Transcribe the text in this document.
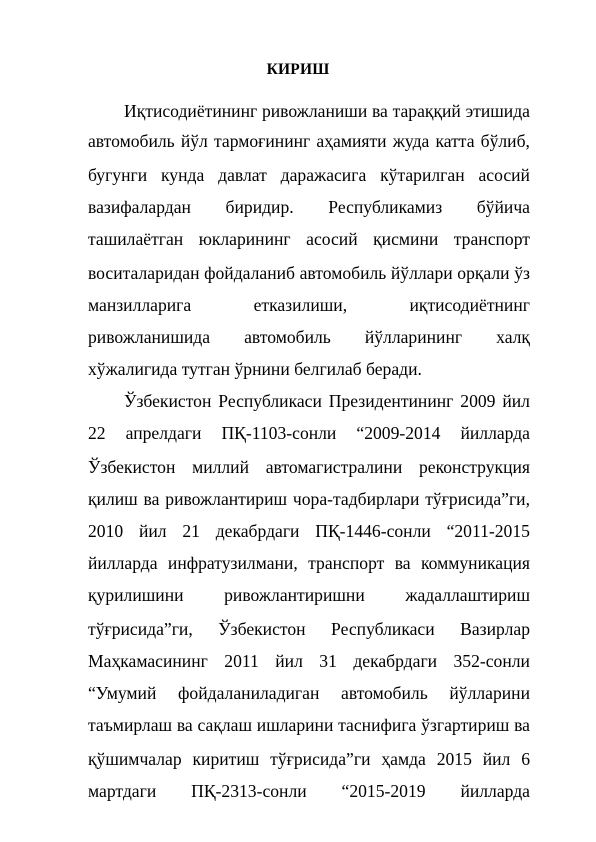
КИРИШ
Иқтисодиётининг ривожланиши ва тараққий этишида
автомобиль йўл тармоғининг аҳамияти жуда катта бўлиб,
бугунги кунда давлат даражасига кўтарилган асосий
вазифалардан биридир. Республикамиз бўйича
ташилаётган юкларининг асосий қисмини транспорт
воситаларидан фойдаланиб автомобиль йўллари орқали ўз
манзилларига	етказилиши,	иқтисодиётнинг
ривожланишида автомобиль йўлларининг халқ
хўжалигида тутган ўрнини белгилаб беради.
Ўзбекистон Республикаси Президентининг 2009 йил
22 апрелдаги ПҚ-1103-сонли “2009-2014 йилларда
Ўзбекистон миллий автомагистралини реконструкция
қилиш ва ривожлантириш чора-тадбирлари тўғрисида”ги,
2010 йил 21 декабрдаги ПҚ-1446-сонли “2011-2015
йилларда инфратузилмани, транспорт ва коммуникация
қурилишини ривожлантиришни жадаллаштириш
тўғрисида”ги, Ўзбекистон Республикаси Вазирлар
Маҳкамасининг 2011 йил 31 декабрдаги 352-сонли
“Умумий фойдаланиладиган автомобиль йўлларини
таъмирлаш ва сақлаш ишларини таснифига ўзгартириш ва
қўшимчалар киритиш тўғрисида”ги ҳамда 2015 йил 6
мартдаги ПҚ-2313-сонли “2015-2019 йилларда
